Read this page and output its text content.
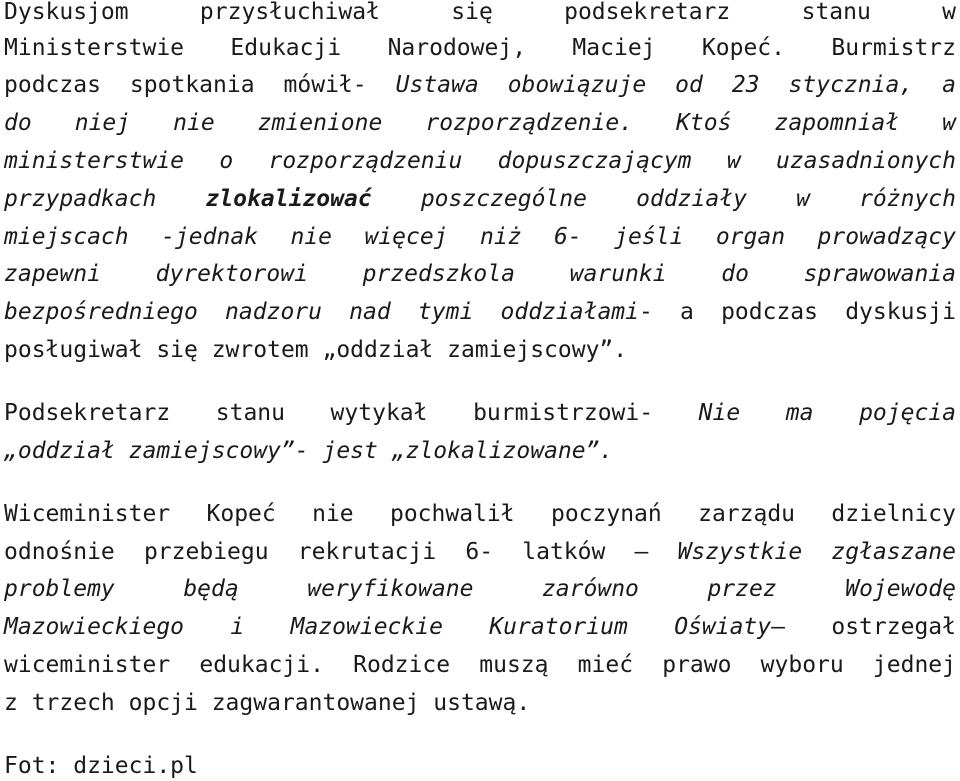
Dyskusjom przysłuchiwał się podsekretarz stanu w
Ministerstwie Edukacji Narodowej, Maciej Kopeć. Burmistrz
podczas spotkania mówił- Ustawa obowiązuje od 23 stycznia, a
do niej nie zmienione rozporządzenie. Ktoś zapomniał w
ministerstwie o rozporządzeniu dopuszczającym w uzasadnionych
przypadkach zlokalizować poszczególne oddziały w różnych
miejscach -jednak nie więcej niż 6- jeśli organ prowadzący
zapewni dyrektorowi przedszkola warunki do sprawowania
bezpośredniego nadzoru nad tymi oddziałami- a podczas dyskusji
posługiwał się zwrotem „oddział zamiejscowy”.
Podsekretarz stanu wytykał burmistrzowi- Nie ma pojęcia
„oddział zamiejscowy”- jest „zlokalizowane”.
Wiceminister Kopeć nie pochwalił poczynań zarządu dzielnicy
odnośnie przebiegu rekrutacji 6- latków – Wszystkie zgłaszane
problemy będą weryfikowane zarówno przez Wojewodę
Mazowieckiego i Mazowieckie Kuratorium Oświaty– ostrzegał
wiceminister edukacji. Rodzice muszą mieć prawo wyboru jednej
z trzech opcji zagwarantowanej ustawą.
Fot: dzieci.pl
